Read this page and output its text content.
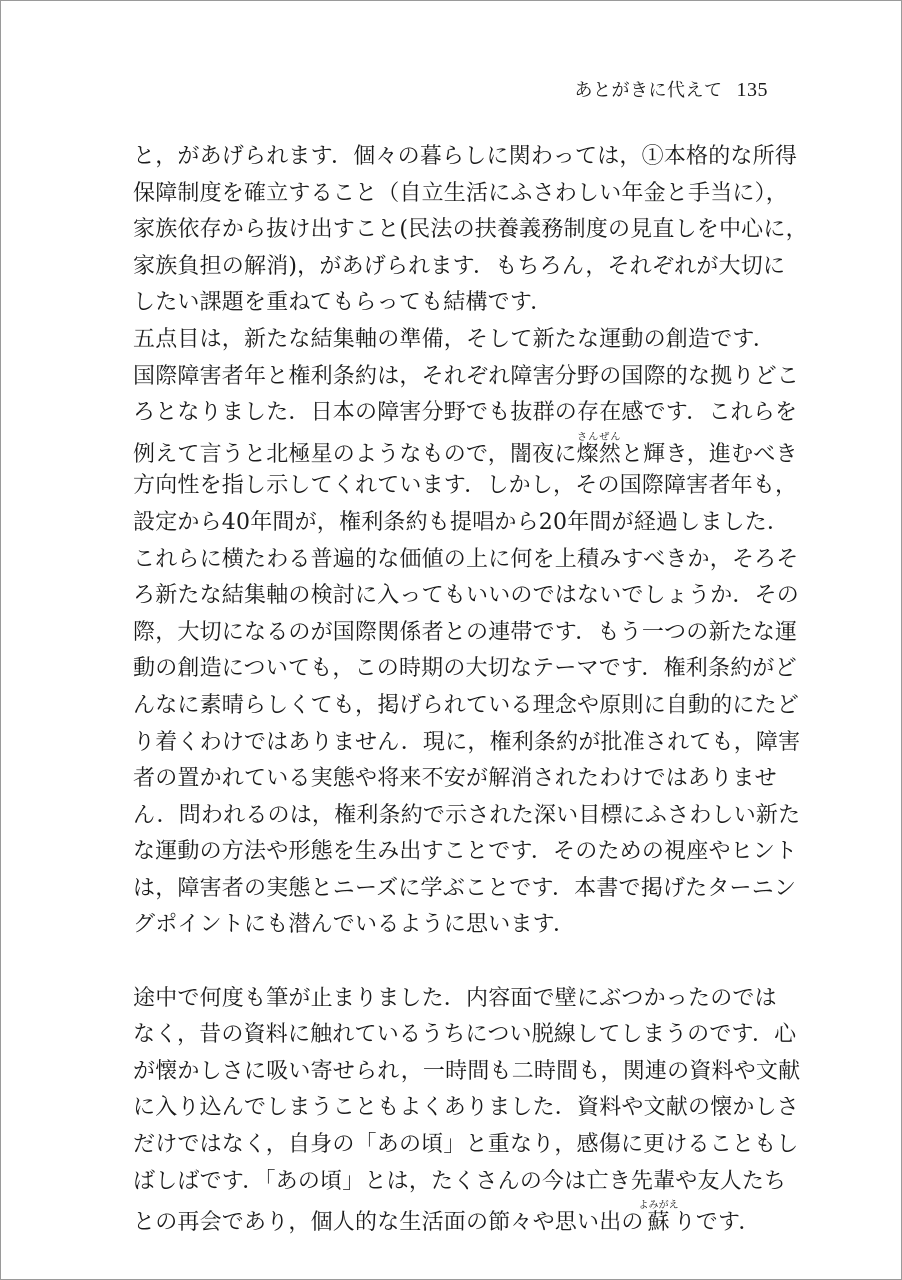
あとがきに代えて 135
と，があげられます．個々の暮らしに関わっては，①本格的な所得
保障制度を確立すること（自立生活にふさわしい年金と手当に），
家族依存から抜け出すこと(民法の扶養義務制度の見直しを中心に，
家族負担の解消)，があげられます．もちろん，それぞれが大切に
したい課題を重ねてもらっても結構です．
五点目は，新たな結集軸の準備，そして新たな運動の創造です．
国際障害者年と権利条約は，それぞれ障害分野の国際的な拠りどこ
ろとなりました．日本の障害分野でも抜群の存在感です．これらを
例えて言うと北極星のようなもので，闇夜に燦然さんぜんと輝き，進むべき
方向性を指し示してくれています．しかし，その国際障害者年も，
設定から40年間が，権利条約も提唱から20年間が経過しました．
これらに横たわる普遍的な価値の上に何を上積みすべきか，そろそ
ろ新たな結集軸の検討に入ってもいいのではないでしょうか．その
際，大切になるのが国際関係者との連帯です．もう一つの新たな運
動の創造についても，この時期の大切なテーマです．権利条約がど
んなに素晴らしくても，掲げられている理念や原則に自動的にたど
り着くわけではありません．現に，権利条約が批准されても，障害
者の置かれている実態や将来不安が解消されたわけではありませ
ん．問われるのは，権利条約で示された深い目標にふさわしい新た
な運動の方法や形態を生み出すことです．そのための視座やヒント
は，障害者の実態とニーズに学ぶことです．本書で掲げたターニン
グポイントにも潜んでいるように思います．
途中で何度も筆が止まりました．内容面で壁にぶつかったのでは
なく，昔の資料に触れているうちについ脱線してしまうのです．心
が懐かしさに吸い寄せられ，一時間も二時間も，関連の資料や文献
に入り込んでしまうこともよくありました．資料や文献の懐かしさ
だけではなく，自身の「あの頃」と重なり，感傷に更けることもし
ばしばです．「あの頃」とは，たくさんの今は亡き先輩や友人たち
との再会であり，個人的な生活面の節々や思い出の蘇よみがえりです．
